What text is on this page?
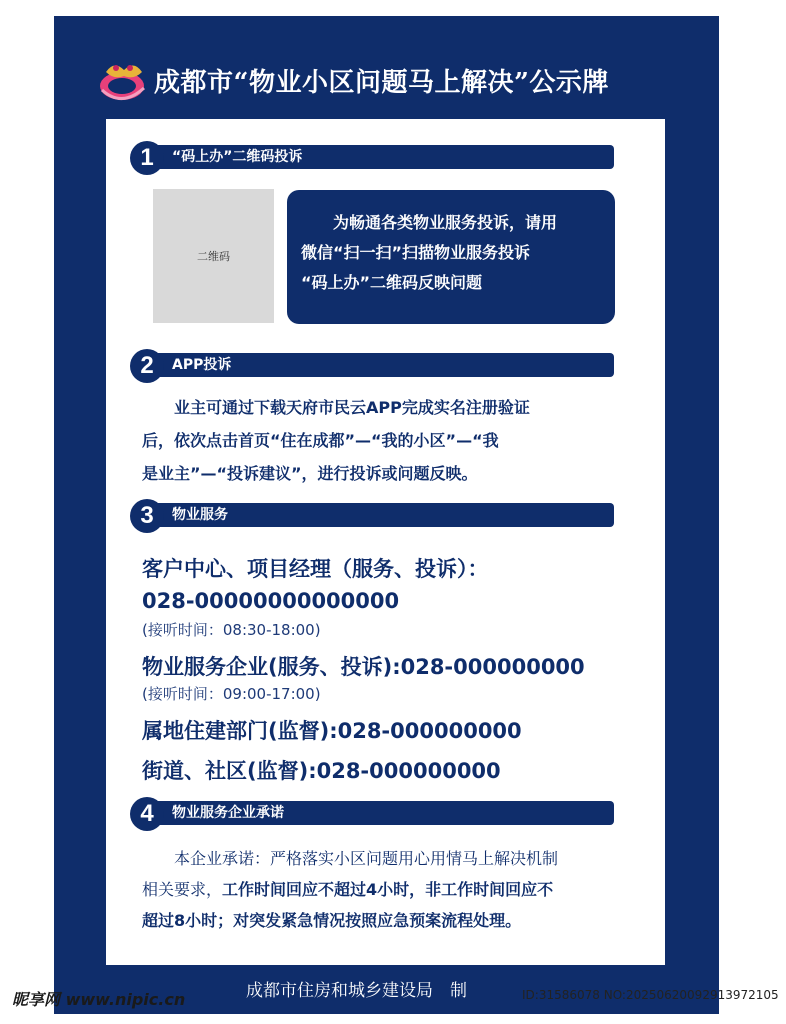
成都市“物业小区问题马上解决”公示牌
1	“码上办”二维码投诉
二维码
　　为畅通各类物业服务投诉，请用
微信“扫一扫”扫描物业服务投诉
“码上办”二维码反映问题
2	APP投诉
　　业主可通过下载天府市民云APP完成实名注册验证
后，依次点击首页“住在成都”—“我的小区”—“我
是业主”—“投诉建议”，进行投诉或问题反映。
3	物业服务
客户中心、项目经理（服务、投诉）：
028-00000000000000
(接听时间：08:30-18:00)
物业服务企业(服务、投诉):028-000000000
(接听时间：09:00-17:00)
属地住建部门(监督):028-000000000
街道、社区(监督):028-000000000
4	物业服务企业承诺
　　本企业承诺：严格落实小区问题用心用情马上解决机制
相关要求，工作时间回应不超过4小时，非工作时间回应不
超过8小时；对突发紧急情况按照应急预案流程处理。
成都市住房和城乡建设局　制
昵享网 www.nipic.cn	ID:31586078 NO:20250620092913972105
